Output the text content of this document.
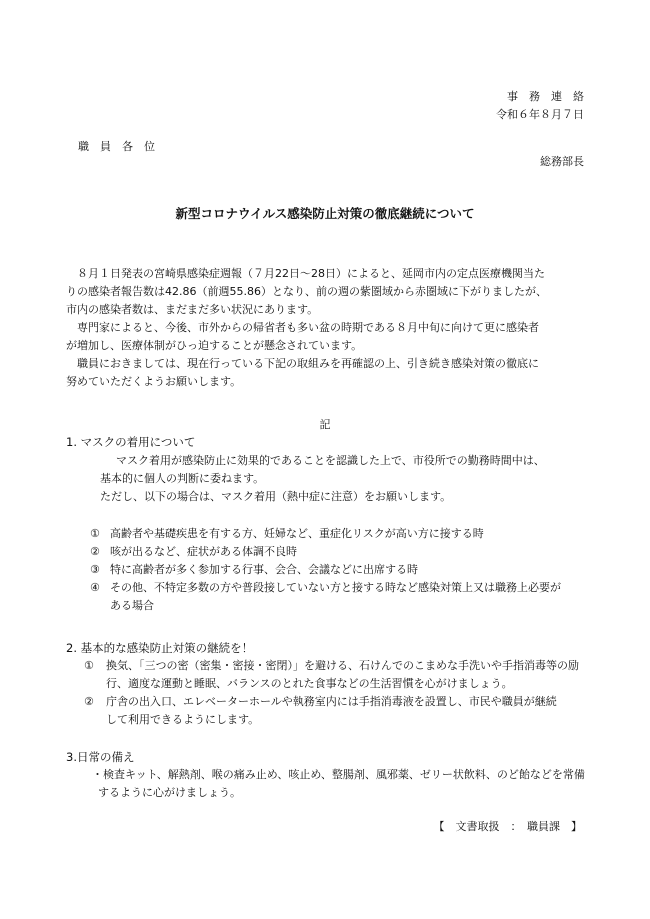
事　務　連　絡
令和６年８月７日
職　員　各　位
総務部長
新型コロナウイルス感染防止対策の徹底継続について
　８月１日発表の宮崎県感染症週報（７月22日〜28日）によると、延岡市内の定点医療機関当た
りの感染者報告数は42.86（前週55.86）となり、前の週の紫圏域から赤圏域に下がりましたが、
市内の感染者数は、まだまだ多い状況にあります。
　専門家によると、今後、市外からの帰省者も多い盆の時期である８月中旬に向けて更に感染者
が増加し、医療体制がひっ迫することが懸念されています。
　職員におきましては、現在行っている下記の取組みを再確認の上、引き続き感染対策の徹底に
努めていただくようお願いします。
記
1. マスクの着用について
マスク着用が感染防止に効果的であることを認識した上で、市役所での勤務時間中は、
基本的に個人の判断に委ねます。
ただし、以下の場合は、マスク着用（熱中症に注意）をお願いします。
① 高齢者や基礎疾患を有する方、妊婦など、重症化リスクが高い方に接する時
② 咳が出るなど、症状がある体調不良時
③ 特に高齢者が多く参加する行事、会合、会議などに出席する時
④ その他、不特定多数の方や普段接していない方と接する時など感染対策上又は職務上必要が
ある場合
2. 基本的な感染防止対策の継続を！
① 換気、「三つの密（密集・密接・密閉）」を避ける、石けんでのこまめな手洗いや手指消毒等の励
行、適度な運動と睡眠、バランスのとれた食事などの生活習慣を心がけましょう。
② 庁舎の出入口、エレベーターホールや執務室内には手指消毒液を設置し、市民や職員が継続
して利用できるようにします。
3.日常の備え
・検査キット、解熱剤、喉の痛み止め、咳止め、整腸剤、風邪薬、ゼリー状飲料、のど飴などを常備
するように心がけましょう。
【　文書取扱　：　職員課　】
